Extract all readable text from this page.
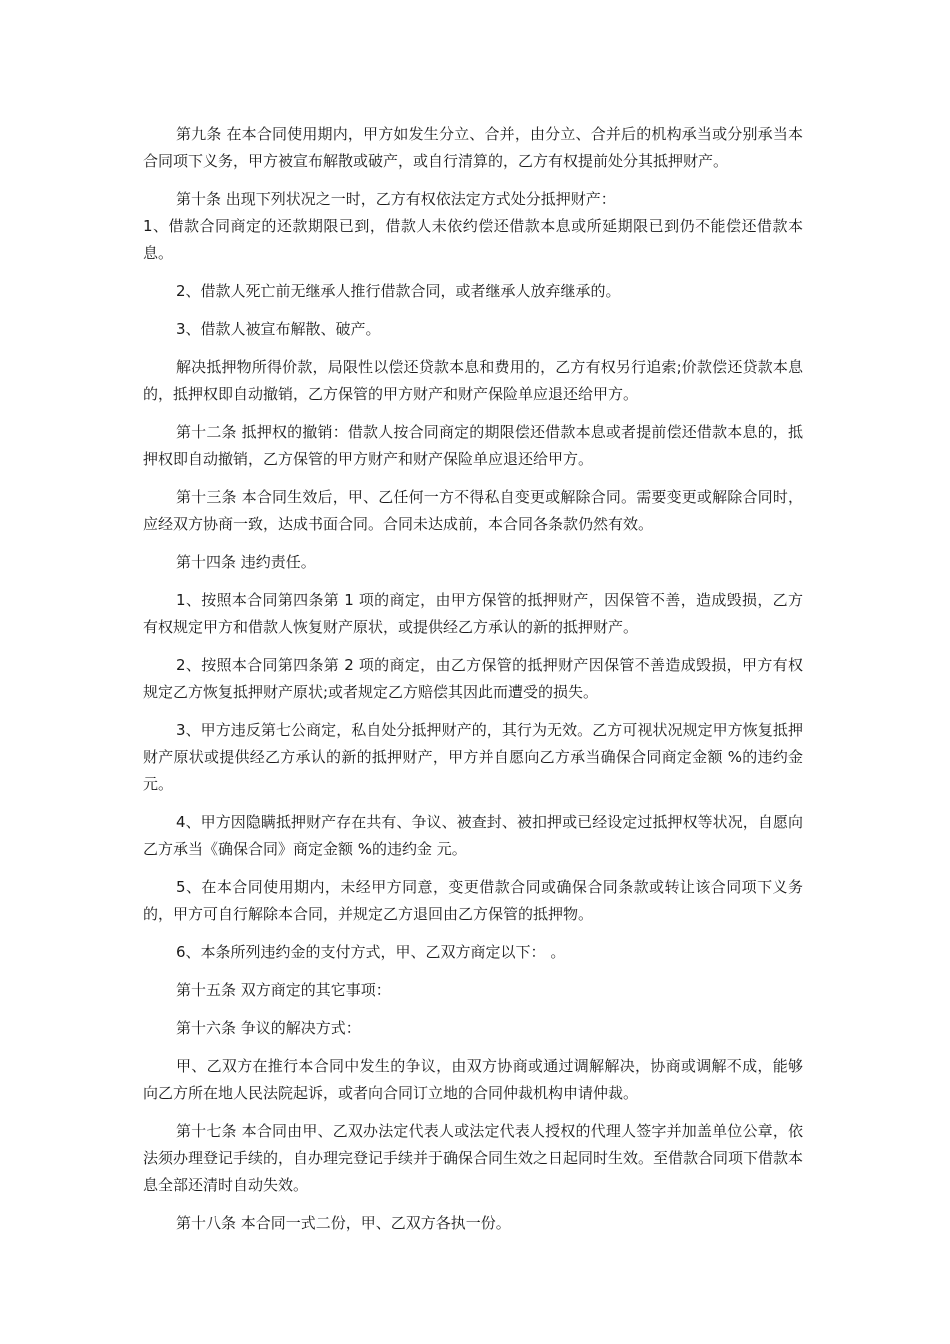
第九条 在本合同使用期内，甲方如发生分立、合并，由分立、合并后的机构承当或分别承当本合同项下义务，甲方被宣布解散或破产，或自行清算的，乙方有权提前处分其抵押财产。

第十条 出现下列状况之一时，乙方有权依法定方式处分抵押财产：

1、借款合同商定的还款期限已到，借款人未依约偿还借款本息或所延期限已到仍不能偿还借款本息。

2、借款人死亡前无继承人推行借款合同，或者继承人放弃继承的。

3、借款人被宣布解散、破产。

解决抵押物所得价款，局限性以偿还贷款本息和费用的，乙方有权另行追索;价款偿还贷款本息的，抵押权即自动撤销，乙方保管的甲方财产和财产保险单应退还给甲方。

第十二条 抵押权的撤销：借款人按合同商定的期限偿还借款本息或者提前偿还借款本息的，抵押权即自动撤销，乙方保管的甲方财产和财产保险单应退还给甲方。

第十三条 本合同生效后，甲、乙任何一方不得私自变更或解除合同。需要变更或解除合同时，应经双方协商一致，达成书面合同。合同未达成前，本合同各条款仍然有效。

第十四条 违约责任。

1、按照本合同第四条第 1 项的商定，由甲方保管的抵押财产，因保管不善，造成毁损，乙方有权规定甲方和借款人恢复财产原状，或提供经乙方承认的新的抵押财产。

2、按照本合同第四条第 2 项的商定，由乙方保管的抵押财产因保管不善造成毁损，甲方有权规定乙方恢复抵押财产原状;或者规定乙方赔偿其因此而遭受的损失。

3、甲方违反第七公商定，私自处分抵押财产的，其行为无效。乙方可视状况规定甲方恢复抵押财产原状或提供经乙方承认的新的抵押财产，甲方并自愿向乙方承当确保合同商定金额 %的违约金 元。

4、甲方因隐瞒抵押财产存在共有、争议、被查封、被扣押或已经设定过抵押权等状况，自愿向乙方承当《确保合同》商定金额 %的违约金 元。

5、在本合同使用期内，未经甲方同意，变更借款合同或确保合同条款或转让该合同项下义务的，甲方可自行解除本合同，并规定乙方退回由乙方保管的抵押物。

6、本条所列违约金的支付方式，甲、乙双方商定以下： 。

第十五条 双方商定的其它事项：

第十六条 争议的解决方式：

甲、乙双方在推行本合同中发生的争议，由双方协商或通过调解解决，协商或调解不成，能够向乙方所在地人民法院起诉，或者向合同订立地的合同仲裁机构申请仲裁。

第十七条 本合同由甲、乙双办法定代表人或法定代表人授权的代理人签字并加盖单位公章，依法须办理登记手续的，自办理完登记手续并于确保合同生效之日起同时生效。至借款合同项下借款本息全部还清时自动失效。

第十八条 本合同一式二份，甲、乙双方各执一份。
